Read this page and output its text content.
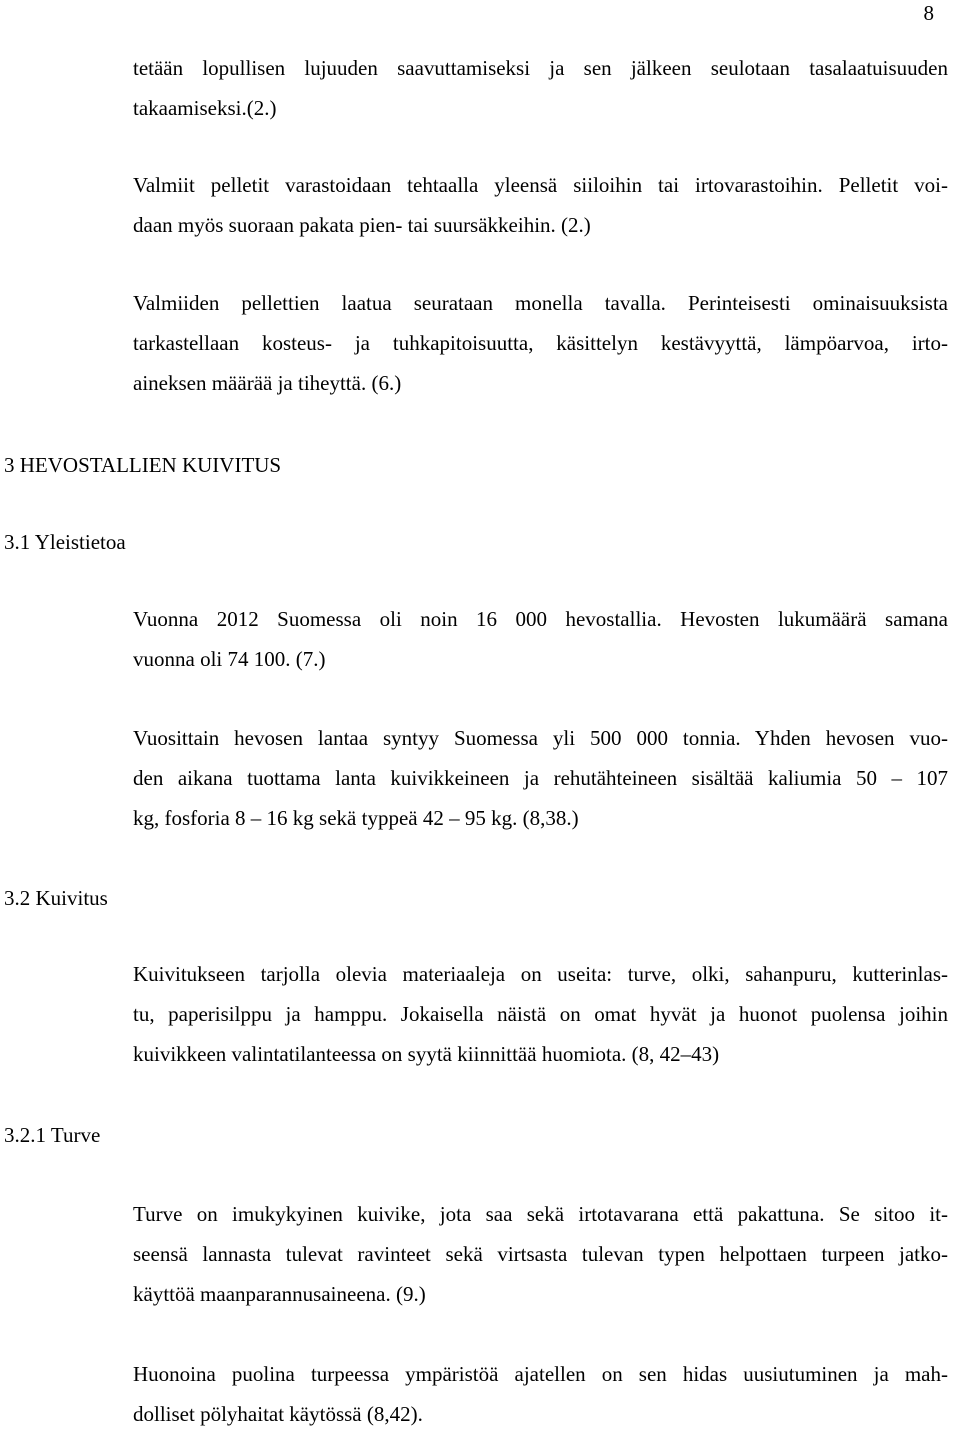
8
tetään lopullisen lujuuden saavuttamiseksi ja sen jälkeen seulotaan tasalaatuisuuden
takaamiseksi.(2.)
Valmiit pelletit varastoidaan tehtaalla yleensä siiloihin tai irtovarastoihin. Pelletit voi-
daan myös suoraan pakata pien- tai suursäkkeihin. (2.)
Valmiiden pellettien laatua seurataan monella tavalla. Perinteisesti ominaisuuksista
tarkastellaan kosteus- ja tuhkapitoisuutta, käsittelyn kestävyyttä, lämpöarvoa, irto-
aineksen määrää ja tiheyttä. (6.)
3 HEVOSTALLIEN KUIVITUS
3.1 Yleistietoa
Vuonna 2012 Suomessa oli noin 16 000 hevostallia. Hevosten lukumäärä samana
vuonna oli 74 100. (7.)
Vuosittain hevosen lantaa syntyy Suomessa yli 500 000 tonnia. Yhden hevosen vuo-
den aikana tuottama lanta kuivikkeineen ja rehutähteineen sisältää kaliumia 50 – 107
kg, fosforia 8 – 16 kg sekä typpeä 42 – 95 kg. (8,38.)
3.2 Kuivitus
Kuivitukseen tarjolla olevia materiaaleja on useita: turve, olki, sahanpuru, kutterinlas-
tu, paperisilppu ja hamppu. Jokaisella näistä on omat hyvät ja huonot puolensa joihin
kuivikkeen valintatilanteessa on syytä kiinnittää huomiota. (8, 42–43)
3.2.1 Turve
Turve on imukykyinen kuivike, jota saa sekä irtotavarana että pakattuna. Se sitoo it-
seensä lannasta tulevat ravinteet sekä virtsasta tulevan typen helpottaen turpeen jatko-
käyttöä maanparannusaineena. (9.)
Huonoina puolina turpeessa ympäristöä ajatellen on sen hidas uusiutuminen ja mah-
dolliset pölyhaitat käytössä (8,42).
